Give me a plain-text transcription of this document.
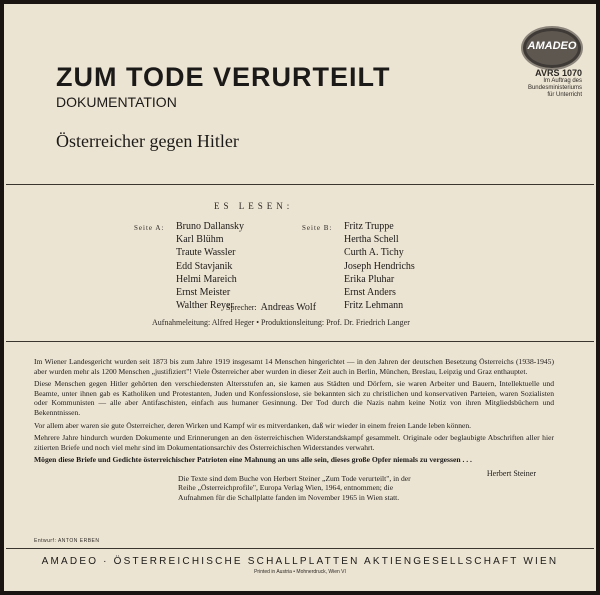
ZUM TODE VERURTEILT
DOKUMENTATION
Österreicher gegen Hitler
AMADEO
AVRS 1070
Im Auftrag des
Bundesministeriums
für Unterricht
ES LESEN:
Seite A: Bruno Dallansky
Karl Blühm
Traute Wassler
Edd Stavjanik
Helmi Mareich
Ernst Meister
Walther Reyer
Seite B: Fritz Truppe
Hertha Schell
Curth A. Tichy
Joseph Hendrichs
Erika Pluhar
Ernst Anders
Fritz Lehmann
Sprecher: Andreas Wolf
Aufnahmeleitung: Alfred Heger • Produktionsleitung: Prof. Dr. Friedrich Langer

Im Wiener Landesgericht wurden seit 1873 bis zum Jahre 1919 insgesamt 14 Menschen hingerichtet — in den Jahren der deutschen Besetzung Österreichs (1938-1945) aber wurden mehr als 1200 Menschen „justifiziert"! Viele Österreicher aber wurden in dieser Zeit auch in Berlin, München, Breslau, Leipzig und Graz enthauptet.

Diese Menschen gegen Hitler gehörten den verschiedensten Altersstufen an, sie kamen aus Städten und Dörfern, sie waren Arbeiter und Bauern, Intellektuelle und Beamte, unter ihnen gab es Katholiken und Protestanten, Juden und Konfessionslose, sie bekannten sich zu christlichen und konservativen Parteien, waren Sozialisten oder Kommunisten — alle aber Antifaschisten, einfach aus humaner Gesinnung. Der Tod durch die Nazis nahm keine Notiz von ihren Mitgliedsbüchern und Bekenntnissen.

Vor allem aber waren sie gute Österreicher, deren Wirken und Kampf wir es mitverdanken, daß wir wieder in einem freien Lande leben können.

Mehrere Jahre hindurch wurden Dokumente und Erinnerungen an den österreichischen Widerstandskampf gesammelt. Originale oder beglaubigte Abschriften aller hier zitierten Briefe und noch viel mehr sind im Dokumentationsarchiv des Österreichischen Widerstandes verwahrt.

Mögen diese Briefe und Gedichte österreichischer Patrioten eine Mahnung an uns alle sein, dieses große Opfer niemals zu vergessen . . .

Herbert Steiner
Die Texte sind dem Buche von Herbert Steiner „Zum Tode verurteilt", in der Reihe „Österreichprofile", Europa Verlag Wien, 1964, entnommen; die Aufnahmen für die Schallplatte fanden im November 1965 in Wien statt.
Entwurf: ANTON ERBEN
AMADEO · ÖSTERREICHISCHE SCHALLPLATTEN AKTIENGESELLSCHAFT WIEN
Printed in Austria • Mohnerdruck, Wien VI
